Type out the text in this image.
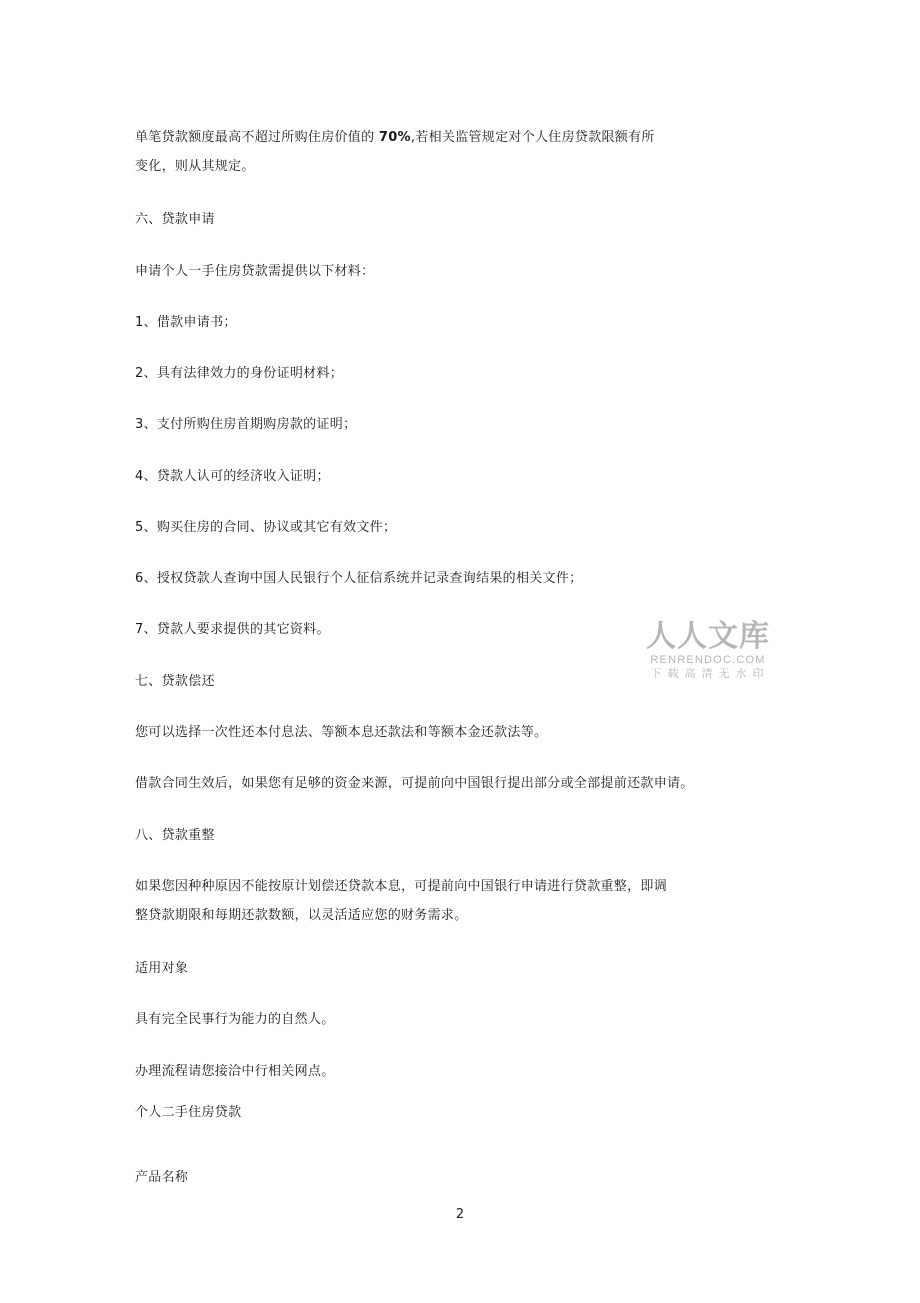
单笔贷款额度最高不超过所购住房价值的 70%,若相关监管规定对个人住房贷款限额有所
变化，则从其规定。
六、贷款申请
申请个人一手住房贷款需提供以下材料：
1、借款申请书；
2、具有法律效力的身份证明材料；
3、支付所购住房首期购房款的证明；
4、贷款人认可的经济收入证明；
5、购买住房的合同、协议或其它有效文件；
6、授权贷款人查询中国人民银行个人征信系统并记录查询结果的相关文件；
7、贷款人要求提供的其它资料。
七、贷款偿还
您可以选择一次性还本付息法、等额本息还款法和等额本金还款法等。
借款合同生效后，如果您有足够的资金来源，可提前向中国银行提出部分或全部提前还款申请。
八、贷款重整
如果您因种种原因不能按原计划偿还贷款本息，可提前向中国银行申请进行贷款重整，即调
整贷款期限和每期还款数额，以灵活适应您的财务需求。
适用对象
具有完全民事行为能力的自然人。
办理流程请您接洽中行相关网点。
个人二手住房贷款
产品名称
2
人人文库
RENRENDOC.COM
下载高清无水印
